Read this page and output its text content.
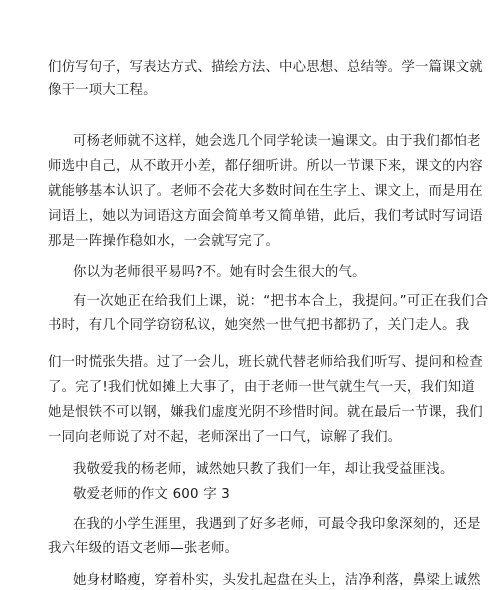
们仿写句子，写表达方式、描绘方法、中心思想、总结等。学一篇课文就
像干一项大工程。
可杨老师就不这样，她会选几个同学轮读一遍课文。由于我们都怕老
师选中自己，从不敢开小差，都仔细听讲。所以一节课下来，课文的内容
就能够基本认识了。老师不会花大多数时间在生字上、课文上，而是用在
词语上，她以为词语这方面会简单考又简单错，此后，我们考试时写词语
那是一阵操作稳如水，一会就写完了。
你以为老师很平易吗?不。她有时会生很大的气。
有一次她正在给我们上课，说：“把书本合上，我提问。”可正在我们合
书时，有几个同学窃窃私议，她突然一世气把书都扔了，关门走人。我
们一时慌张失措。过了一会儿，班长就代替老师给我们听写、提问和检查
了。完了!我们忧如摊上大事了，由于老师一世气就生气一天，我们知道
她是恨铁不可以钢，嫌我们虚度光阴不珍惜时间。就在最后一节课，我们
一同向老师说了对不起，老师深出了一口气，谅解了我们。
我敬爱我的杨老师，诚然她只教了我们一年，却让我受益匪浅。
敬爱老师的作文 600 字 3
在我的小学生涯里，我遇到了好多老师，可最令我印象深刻的，还是
我六年级的语文老师—张老师。
她身材略瘦，穿着朴实，头发扎起盘在头上，洁净利落，鼻梁上诚然
